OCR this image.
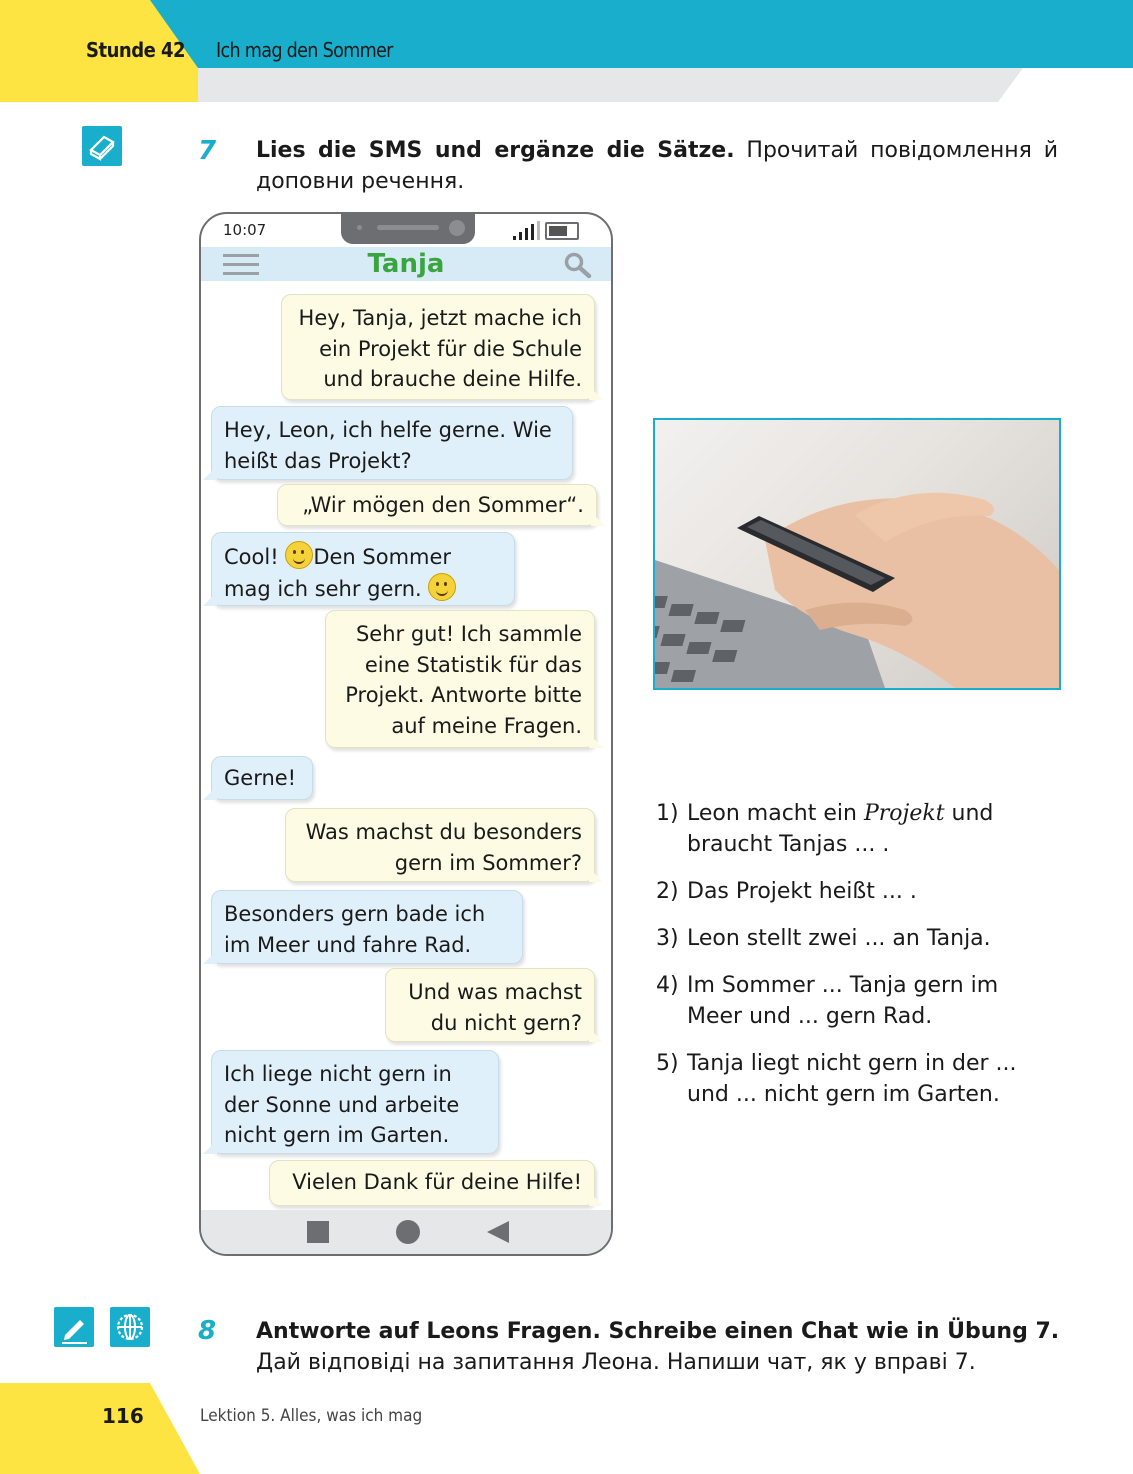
Stunde 42 Ich mag den Sommer
7 Lies die SMS und ergänze die Sätze. Прочитай повідомлення й доповни речення.
10:07
Tanja
Hey, Tanja, jetzt mache ich ein Projekt für die Schule und brauche deine Hilfe.
Hey, Leon, ich helfe gerne. Wie heißt das Projekt?
„Wir mögen den Sommer“.
Cool! Den Sommer mag ich sehr gern.
Sehr gut! Ich sammle eine Statistik für das Projekt. Antworte bitte auf meine Fragen.
Gerne!
Was machst du besonders gern im Sommer?
Besonders gern bade ich im Meer und fahre Rad.
Und was machst du nicht gern?
Ich liege nicht gern in der Sonne und arbeite nicht gern im Garten.
Vielen Dank für deine Hilfe!
1) Leon macht ein Projekt und braucht Tanjas ... .
2) Das Projekt heißt ... .
3) Leon stellt zwei ... an Tanja.
4) Im Sommer ... Tanja gern im Meer und ... gern Rad.
5) Tanja liegt nicht gern in der ... und ... nicht gern im Garten.
8 Antworte auf Leons Fragen. Schreibe einen Chat wie in Übung 7.
Дай відповіді на запитання Леона. Напиши чат, як у вправі 7.
116	Lektion 5. Alles, was ich mag
